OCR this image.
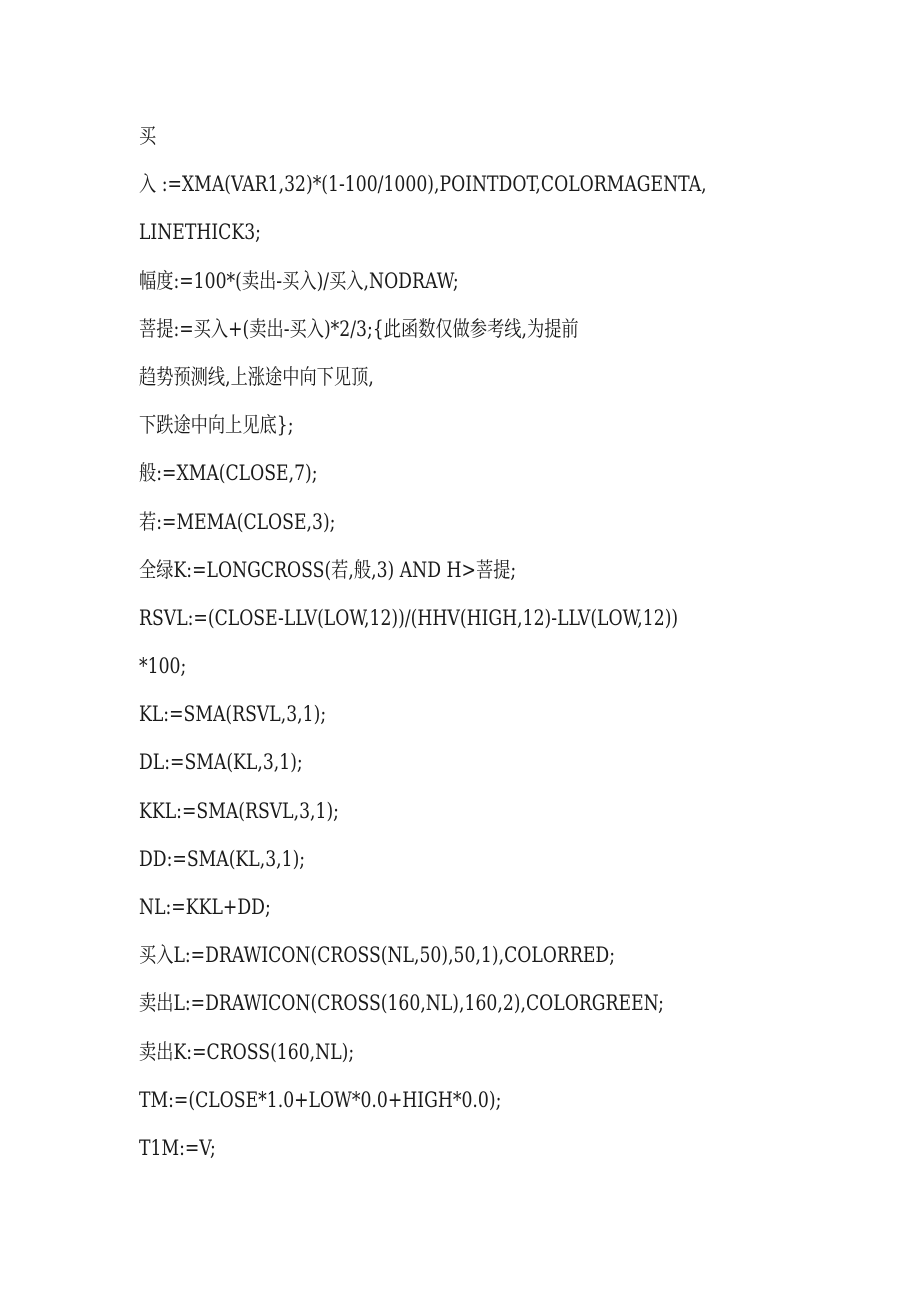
买
入 :=XMA(VAR1,32)*(1-100/1000),POINTDOT,COLORMAGENTA,
LINETHICK3;
幅度:=100*(卖出-买入)/买入,NODRAW;
菩提:=买入+(卖出-买入)*2/3;{此函数仅做参考线,为提前
趋势预测线,上涨途中向下见顶,
下跌途中向上见底};
般:=XMA(CLOSE,7);
若:=MEMA(CLOSE,3);
全绿K:=LONGCROSS(若,般,3) AND H>菩提;
RSVL:=(CLOSE-LLV(LOW,12))/(HHV(HIGH,12)-LLV(LOW,12))
*100;
KL:=SMA(RSVL,3,1);
DL:=SMA(KL,3,1);
KKL:=SMA(RSVL,3,1);
DD:=SMA(KL,3,1);
NL:=KKL+DD;
买入L:=DRAWICON(CROSS(NL,50),50,1),COLORRED;
卖出L:=DRAWICON(CROSS(160,NL),160,2),COLORGREEN;
卖出K:=CROSS(160,NL);
TM:=(CLOSE*1.0+LOW*0.0+HIGH*0.0);
T1M:=V;
